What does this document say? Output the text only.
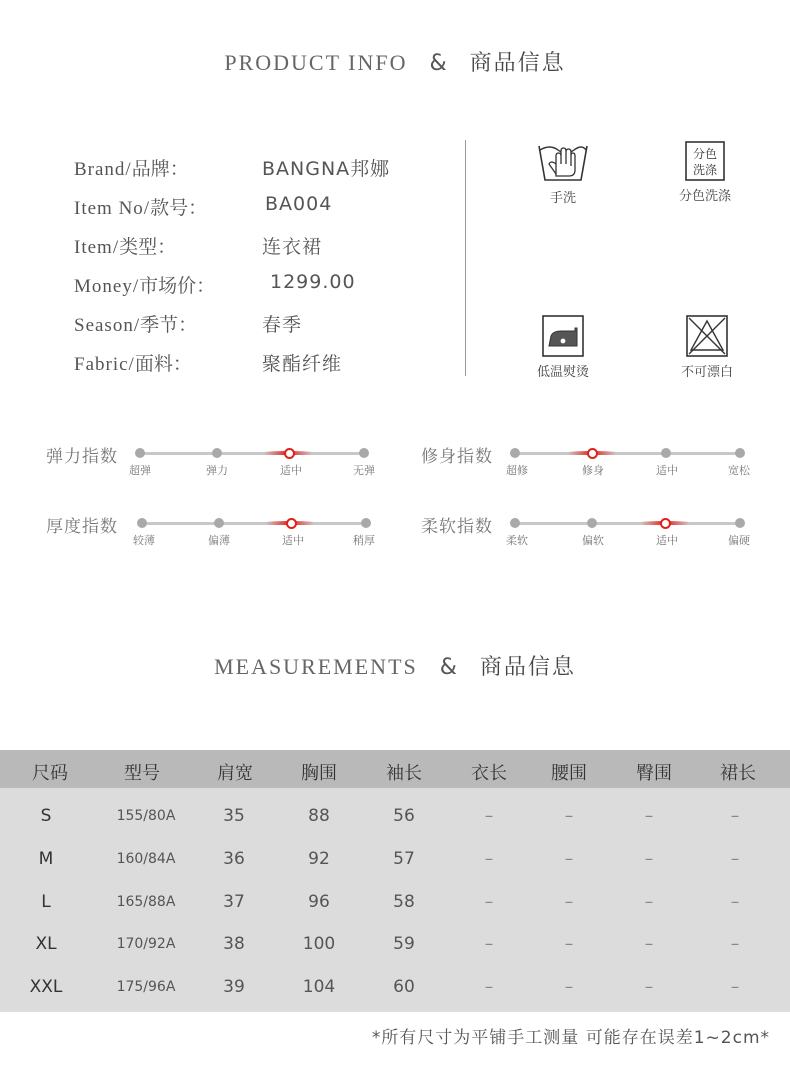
PRODUCT INFO & 商品信息
Brand/品牌：	BANGNA邦娜
Item No/款号：	BA004
Item/类型：	连衣裙
Money/市场价：	1299.00
Season/季节：	春季
Fabric/面料：	聚酯纤维
手洗
分色
洗涤
分色洗涤
低温熨烫	不可漂白
弹力指数
超弹	弹力	适中	无弹
修身指数
超修	修身	适中	宽松
厚度指数
较薄	偏薄	适中	稍厚
柔软指数
柔软	偏软	适中	偏硬
MEASUREMENTS & 商品信息
尺码	型号	肩宽	胸围	袖长	衣长	腰围	臀围	裙长
S	155/80A	35	88	56	–	–	–	–
M	160/84A	36	92	57	–	–	–	–
L	165/88A	37	96	58	–	–	–	–
XL	170/92A	38	100	59	–	–	–	–
XXL	175/96A	39	104	60	–	–	–	–
*所有尺寸为平铺手工测量 可能存在误差1~2cm*
